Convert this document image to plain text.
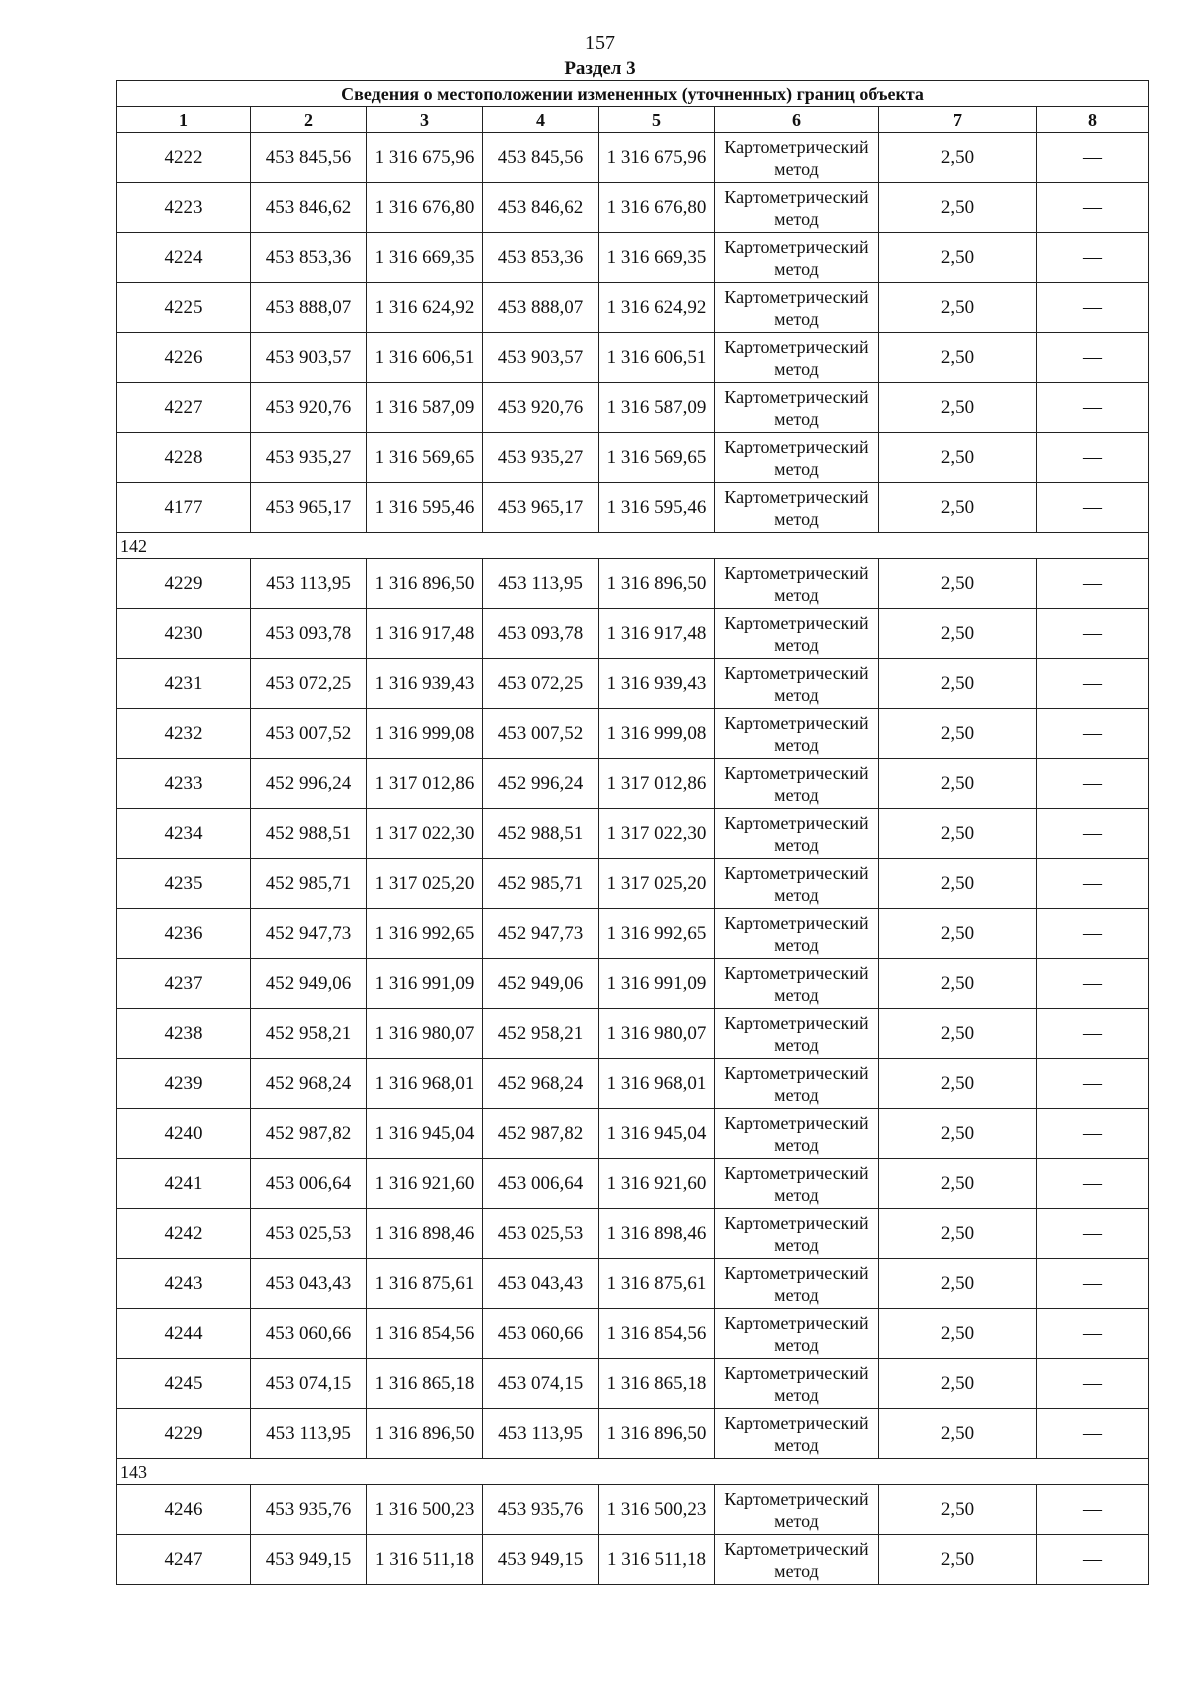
157
Раздел 3
Сведения о местоположении измененных (уточненных) границ объекта							
1	2	3	4	5	6	7	8
4222	453 845,56	1 316 675,96	453 845,56	1 316 675,96	Картометрический метод	2,50	—
4223	453 846,62	1 316 676,80	453 846,62	1 316 676,80	Картометрический метод	2,50	—
4224	453 853,36	1 316 669,35	453 853,36	1 316 669,35	Картометрический метод	2,50	—
4225	453 888,07	1 316 624,92	453 888,07	1 316 624,92	Картометрический метод	2,50	—
4226	453 903,57	1 316 606,51	453 903,57	1 316 606,51	Картометрический метод	2,50	—
4227	453 920,76	1 316 587,09	453 920,76	1 316 587,09	Картометрический метод	2,50	—
4228	453 935,27	1 316 569,65	453 935,27	1 316 569,65	Картометрический метод	2,50	—
4177	453 965,17	1 316 595,46	453 965,17	1 316 595,46	Картометрический метод	2,50	—
142							
4229	453 113,95	1 316 896,50	453 113,95	1 316 896,50	Картометрический метод	2,50	—
4230	453 093,78	1 316 917,48	453 093,78	1 316 917,48	Картометрический метод	2,50	—
4231	453 072,25	1 316 939,43	453 072,25	1 316 939,43	Картометрический метод	2,50	—
4232	453 007,52	1 316 999,08	453 007,52	1 316 999,08	Картометрический метод	2,50	—
4233	452 996,24	1 317 012,86	452 996,24	1 317 012,86	Картометрический метод	2,50	—
4234	452 988,51	1 317 022,30	452 988,51	1 317 022,30	Картометрический метод	2,50	—
4235	452 985,71	1 317 025,20	452 985,71	1 317 025,20	Картометрический метод	2,50	—
4236	452 947,73	1 316 992,65	452 947,73	1 316 992,65	Картометрический метод	2,50	—
4237	452 949,06	1 316 991,09	452 949,06	1 316 991,09	Картометрический метод	2,50	—
4238	452 958,21	1 316 980,07	452 958,21	1 316 980,07	Картометрический метод	2,50	—
4239	452 968,24	1 316 968,01	452 968,24	1 316 968,01	Картометрический метод	2,50	—
4240	452 987,82	1 316 945,04	452 987,82	1 316 945,04	Картометрический метод	2,50	—
4241	453 006,64	1 316 921,60	453 006,64	1 316 921,60	Картометрический метод	2,50	—
4242	453 025,53	1 316 898,46	453 025,53	1 316 898,46	Картометрический метод	2,50	—
4243	453 043,43	1 316 875,61	453 043,43	1 316 875,61	Картометрический метод	2,50	—
4244	453 060,66	1 316 854,56	453 060,66	1 316 854,56	Картометрический метод	2,50	—
4245	453 074,15	1 316 865,18	453 074,15	1 316 865,18	Картометрический метод	2,50	—
4229	453 113,95	1 316 896,50	453 113,95	1 316 896,50	Картометрический метод	2,50	—
143							
4246	453 935,76	1 316 500,23	453 935,76	1 316 500,23	Картометрический метод	2,50	—
4247	453 949,15	1 316 511,18	453 949,15	1 316 511,18	Картометрический метод	2,50	—
